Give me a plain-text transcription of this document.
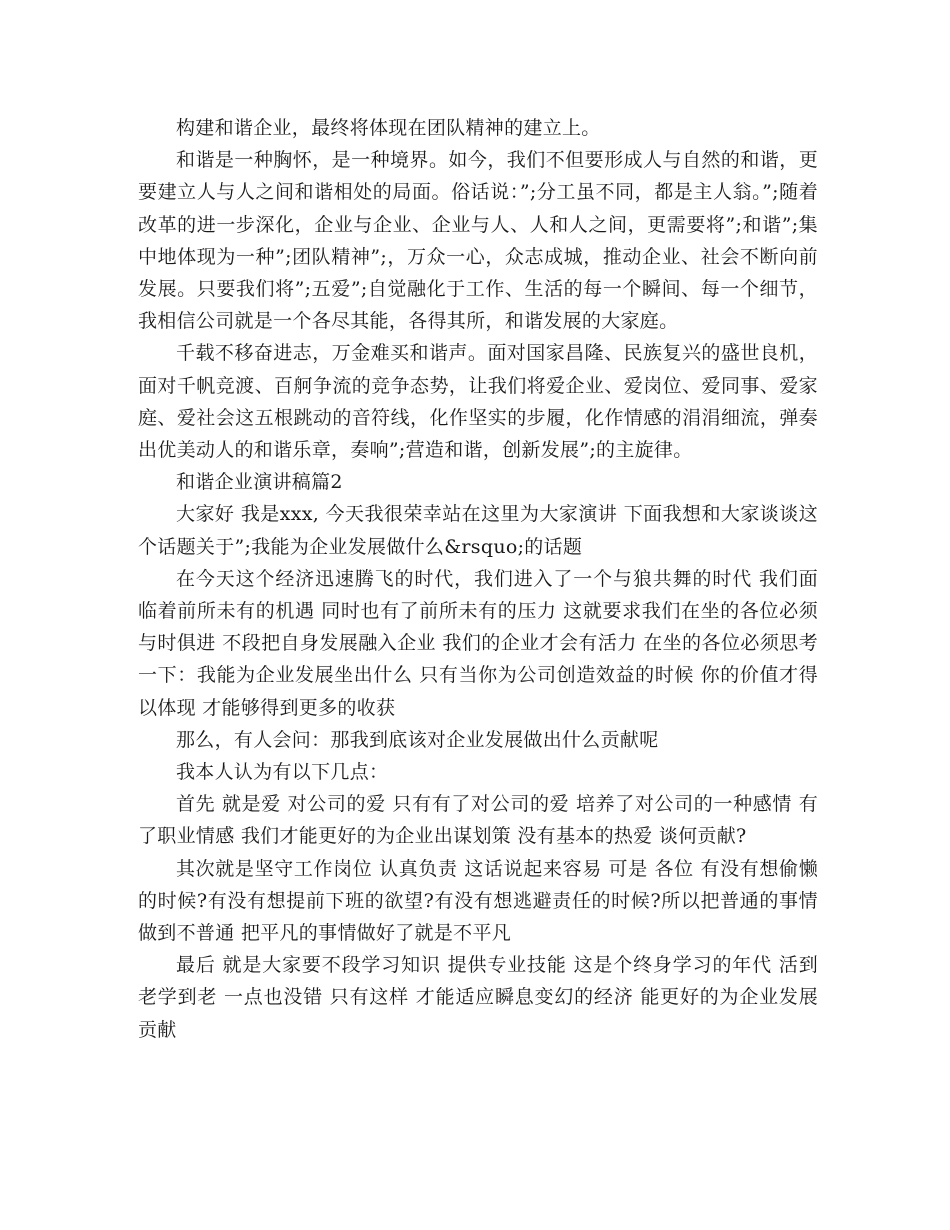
构建和谐企业，最终将体现在团队精神的建立上。

和谐是一种胸怀，是一种境界。如今，我们不但要形成人与自然的和谐，更要建立人与人之间和谐相处的局面。俗话说：”;分工虽不同，都是主人翁。”;随着改革的进一步深化，企业与企业、企业与人、人和人之间，更需要将”;和谐”;集中地体现为一种”;团队精神”;，万众一心，众志成城，推动企业、社会不断向前发展。只要我们将”;五爱”;自觉融化于工作、生活的每一个瞬间、每一个细节，我相信公司就是一个各尽其能，各得其所，和谐发展的大家庭。

千载不移奋进志，万金难买和谐声。面对国家昌隆、民族复兴的盛世良机，面对千帆竞渡、百舸争流的竞争态势，让我们将爱企业、爱岗位、爱同事、爱家庭、爱社会这五根跳动的音符线，化作坚实的步履，化作情感的涓涓细流，弹奏出优美动人的和谐乐章，奏响”;营造和谐，创新发展”;的主旋律。

和谐企业演讲稿篇2

大家好 我是xxx, 今天我很荣幸站在这里为大家演讲 下面我想和大家谈谈这个话题关于”;我能为企业发展做什么&rsquo;的话题

在今天这个经济迅速腾飞的时代，我们进入了一个与狼共舞的时代 我们面临着前所未有的机遇 同时也有了前所未有的压力 这就要求我们在坐的各位必须与时俱进 不段把自身发展融入企业 我们的企业才会有活力 在坐的各位必须思考一下：我能为企业发展坐出什么 只有当你为公司创造效益的时候 你的价值才得以体现 才能够得到更多的收获

那么，有人会问：那我到底该对企业发展做出什么贡献呢

我本人认为有以下几点：

首先 就是爱 对公司的爱 只有有了对公司的爱 培养了对公司的一种感情 有了职业情感 我们才能更好的为企业出谋划策 没有基本的热爱 谈何贡献?

其次就是坚守工作岗位 认真负责 这话说起来容易 可是 各位 有没有想偷懒的时候?有没有想提前下班的欲望?有没有想逃避责任的时候?所以把普通的事情做到不普通 把平凡的事情做好了就是不平凡

最后 就是大家要不段学习知识 提供专业技能 这是个终身学习的年代 活到老学到老 一点也没错 只有这样 才能适应瞬息变幻的经济 能更好的为企业发展贡献
